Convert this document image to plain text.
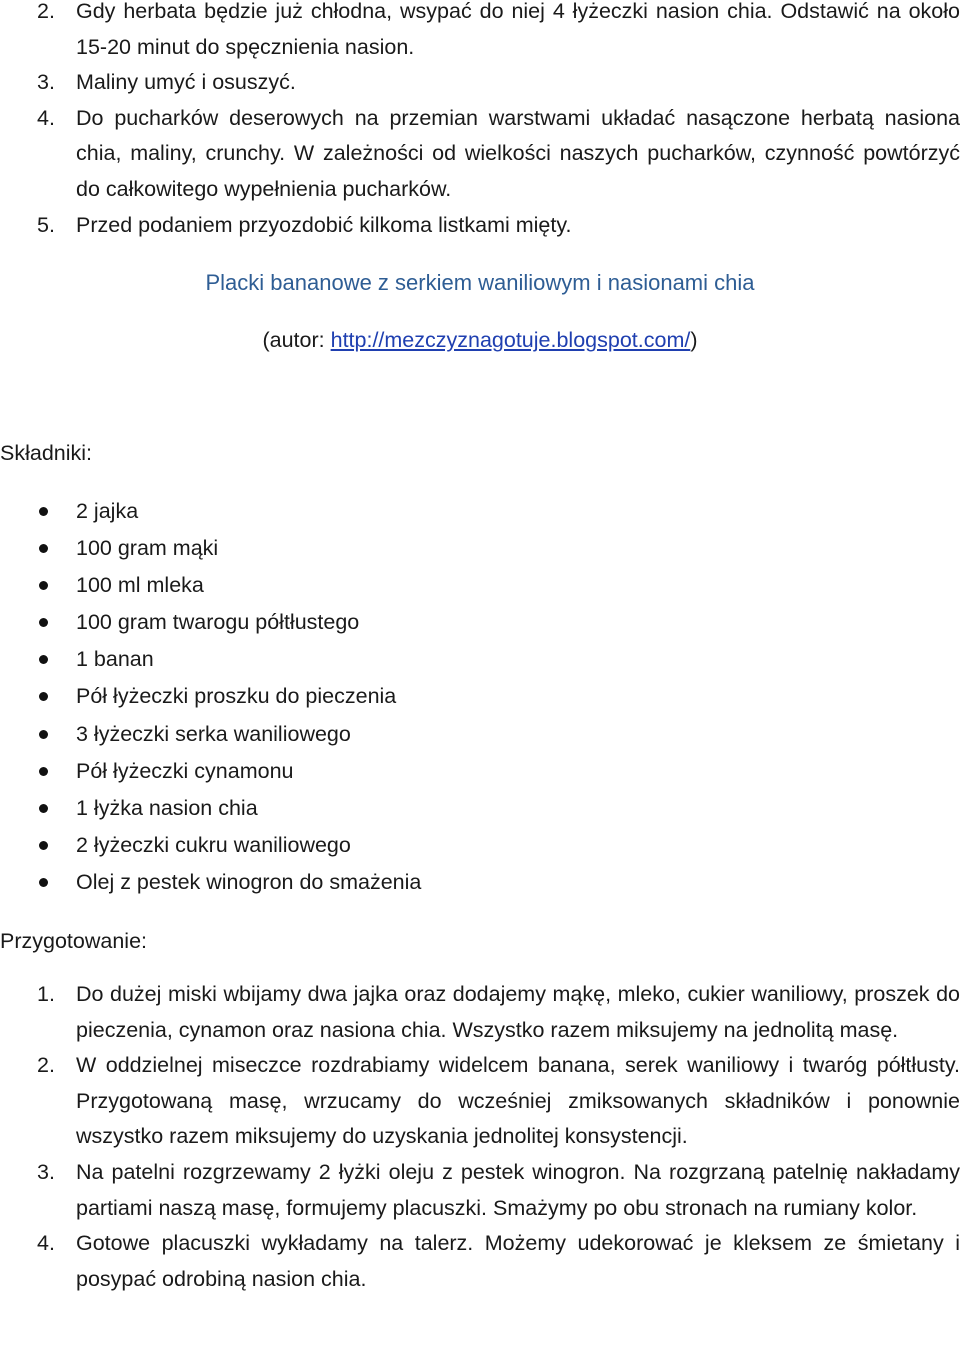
2. Gdy herbata będzie już chłodna, wsypać do niej 4 łyżeczki nasion chia. Odstawić na około 15-20 minut do spęcznienia nasion.
3. Maliny umyć i osuszyć.
4. Do pucharków deserowych na przemian warstwami układać nasączone herbatą nasiona chia, maliny, crunchy. W zależności od wielkości naszych pucharków, czynność powtórzyć do całkowitego wypełnienia pucharków.
5. Przed podaniem przyozdobić kilkoma listkami mięty.
Placki bananowe z serkiem waniliowym i nasionami chia
(autor: http://mezczyznagotuje.blogspot.com/)
Składniki:
2 jajka
100 gram mąki
100 ml mleka
100 gram twarogu półtłustego
1 banan
Pół łyżeczki proszku do pieczenia
3 łyżeczki serka waniliowego
Pół łyżeczki cynamonu
1 łyżka nasion chia
2 łyżeczki cukru waniliowego
Olej z pestek winogron do smażenia
Przygotowanie:
1. Do dużej miski wbijamy dwa jajka oraz dodajemy mąkę, mleko, cukier waniliowy, proszek do pieczenia, cynamon oraz nasiona chia. Wszystko razem miksujemy na jednolitą masę.
2. W oddzielnej miseczce rozdrabiamy widelcem banana, serek waniliowy i twaróg półtłusty. Przygotowaną masę, wrzucamy do wcześniej zmiksowanych składników i ponownie wszystko razem miksujemy do uzyskania jednolitej konsystencji.
3. Na patelni rozgrzewamy 2 łyżki oleju z pestek winogron. Na rozgrzaną patelnię nakładamy partiami naszą masę, formujemy placuszki. Smażymy po obu stronach na rumiany kolor.
4. Gotowe placuszki wykładamy na talerz. Możemy udekorować je kleksem ze śmietany i posypać odrobiną nasion chia.
